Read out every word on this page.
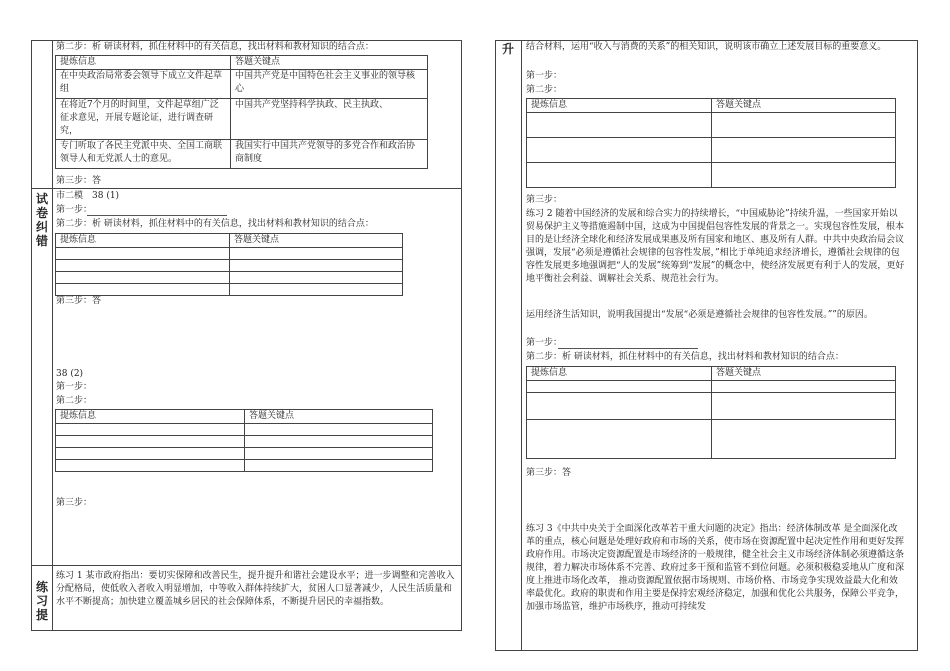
第二步：析 研读材料，抓住材料中的有关信息，找出材料和教材知识的结合点：
提炼信息	答题关键点
在中央政治局常委会领导下成立文件起草组	中国共产党是中国特色社会主义事业的领导核心
在将近7个月的时间里，文件起草组广泛征求意见，开展专题论证，进行调查研究，	中国共产党坚持科学执政、民主执政、
专门听取了各民主党派中央、全国工商联领导人和无党派人士的意见。	我国实行中国共产党领导的多党合作和政治协商制度
第三步：答
试卷纠错
市二模　38 (1)
第一步：
第二步：析 研读材料，抓住材料中的有关信息，找出材料和教材知识的结合点：
提炼信息	答题关键点

第三步：答
38 (2)
第一步：
第二步：
提炼信息	答题关键点

第三步：
练习提
练习 1 某市政府指出：要切实保障和改善民生，提升提升和谐社会建设水平；进一步调整和完善收入分配格局，使低收入者收入明显增加，中等收入群体持续扩大，贫困人口显著减少，人民生活质量和水平不断提高；加快建立覆盖城乡居民的社会保障体系，不断提升居民的幸福指数。
升	结合材料，运用“收入与消费的关系”的相关知识，说明该市确立上述发展目标的重要意义。
第一步：
第二步：
提炼信息	答题关键点

第三步：
练习 2 随着中国经济的发展和综合实力的持续增长，“中国威胁论”持续升温，一些国家开始以贸易保护主义等措施遏制中国，这成为中国提倡包容性发展的背景之一。实现包容性发展，根本目的是让经济全球化和经济发展成果惠及所有国家和地区、惠及所有人群。中共中央政治局会议强调，发展“必须是遵循社会规律的包容性发展，”相比于单纯追求经济增长，遵循社会规律的包容性发展更多地强调把“人的发展”统筹到“发展”的概念中，使经济发展更有利于人的发展，更好地平衡社会利益、调解社会关系、规范社会行为。
运用经济生活知识，说明我国提出“发展“必须是遵循社会规律的包容性发展。””的原因。
第一步：
第二步：析 研读材料，抓住材料中的有关信息，找出材料和教材知识的结合点：
提炼信息	答题关键点

第三步：答
练习 3《中共中央关于全面深化改革若干重大问题的决定》指出：经济体制改革 是全面深化改革的重点，核心问题是处理好政府和市场的关系，使市场在资源配置中起决定性作用和更好发挥政府作用。市场决定资源配置是市场经济的一般规律，健全社会主义市场经济体制必须遵循这条规律，着力解决市场体系不完善、政府过多干预和监管不到位问题。必须积极稳妥地从广度和深度上推进市场化改革， 推动资源配置依据市场规则、市场价格、市场竞争实现效益最大化和效率最优化。政府的职责和作用主要是保持宏观经济稳定，加强和优化公共服务，保障公平竞争，加强市场监管，维护市场秩序，推动可持续发
